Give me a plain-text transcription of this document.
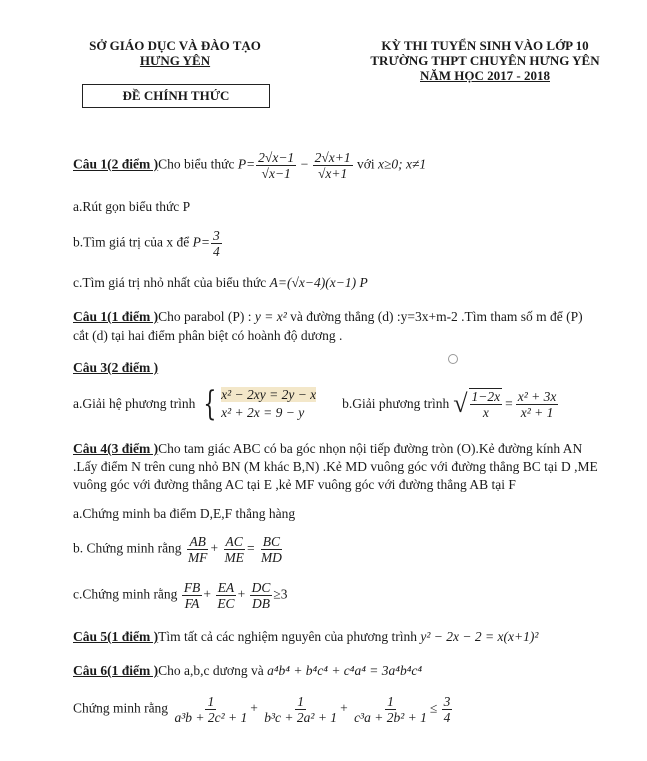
SỞ GIÁO DỤC VÀ ĐÀO TẠO
HƯNG YÊN
KỲ THI TUYỂN SINH VÀO LỚP 10
TRƯỜNG THPT CHUYÊN HƯNG YÊN
NĂM HỌC 2017 - 2018
ĐỀ CHÍNH THỨC
Câu 1(2 điểm )Cho biểu thức $P= \frac{2√x-1}{√x-1} - \frac{2√x+1}{√x+1}$ với x≥0; x≠1
a.Rút gọn biểu thức P
b.Tìm giá trị của x để $P= \frac{3}{4}$
c.Tìm giá trị nhỏ nhất của biểu thức A=(√x−4)(x−1) P
Câu 1(1 điểm )Cho parabol (P) : y = x² và đường thẳng (d) :y=3x+m-2 .Tìm tham số m để (P)
cắt (d) tại hai điểm phân biệt có hoành độ dương .
Câu 3(2 điểm )
a.Giải hệ phương trình { x² − 2xy = 2y − x
x² + 2x = 9 − y
b.Giải phương trình √ $\frac{1-2x}{x} = \frac{\text{x² + 3x}}{\text{x² + 1}}$
Câu 4(3 điểm )Cho tam giác ABC có ba góc nhọn nội tiếp đường tròn (O).Kẻ đường kính AN
.Lấy điểm N trên cung nhỏ BN (M khác B,N) .Kẻ MD vuông góc với đường thẳng BC tại D ,ME
vuông góc với đường thẳng AC tại E ,kẻ MF vuông góc với đường thẳng AB tại F
a.Chứng minh ba điểm D,E,F thẳng hàng
b. Chứng minh rằng $\frac{AB}{MF} + \frac{AC}{ME} = \frac{BC}{MD}$
c.Chứng minh rằng $\frac{FB}{FA} + \frac{EA}{EC} + \frac{DC}{DB} \ge 3$
Câu 5(1 điểm )Tìm tất cả các nghiệm nguyên của phương trình y² − 2x − 2 = x(x+1)²
Câu 6(1 điểm )Cho a,b,c dương và a⁴b⁴ + b⁴c⁴ + c⁴a⁴ = 3a⁴b⁴c⁴
Chứng minh rằng $\frac{1}{\text{a³b + 2c² + 1}} + \frac{1}{\text{b³c + 2a² + 1}} + \frac{1}{\text{c³a + 2b² + 1}} \le \frac{3}{4}$
